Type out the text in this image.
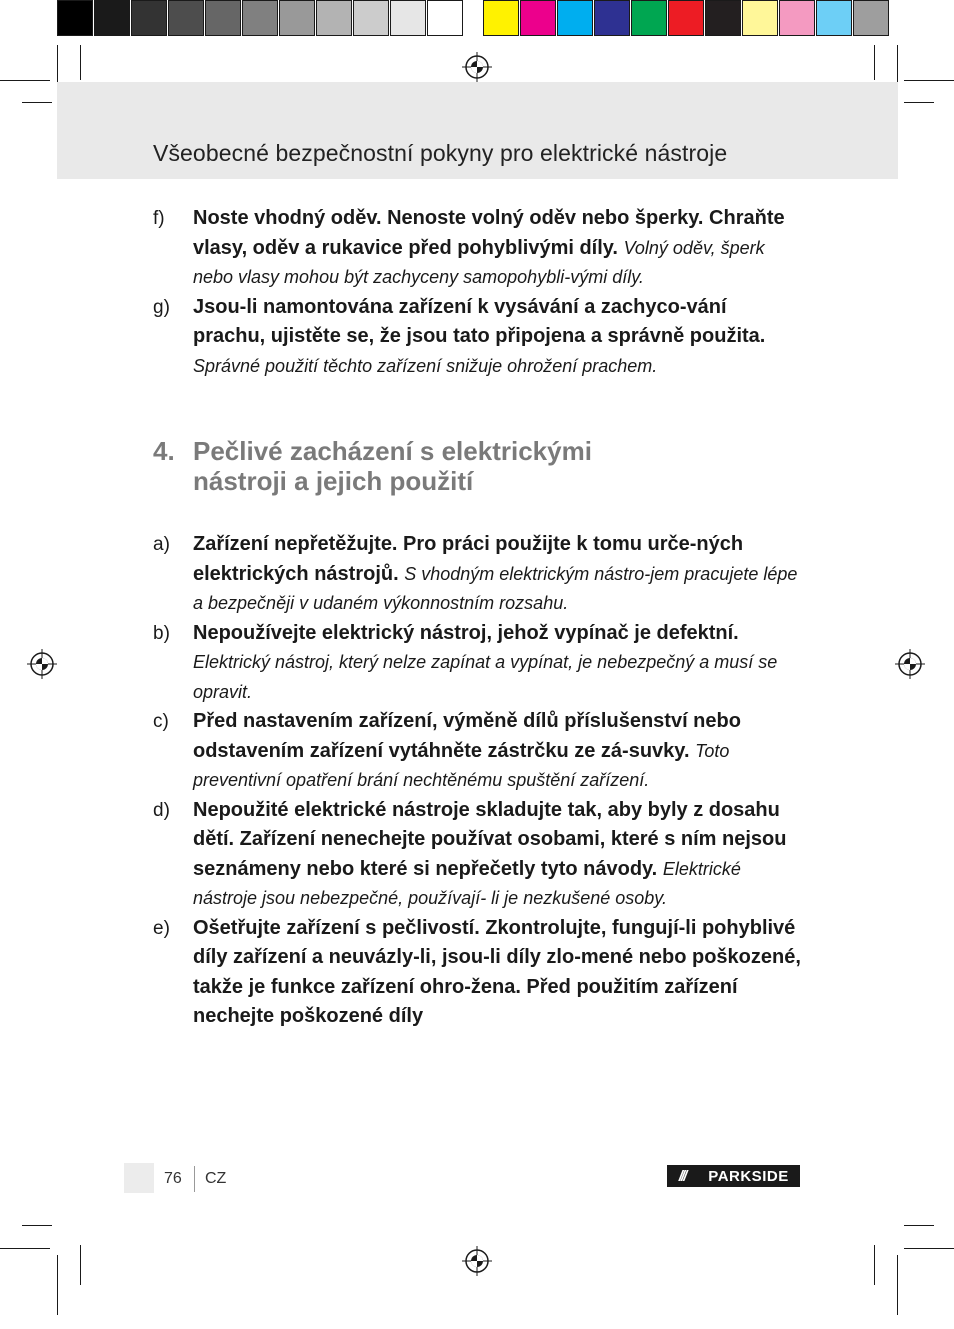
Všeobecné bezpečnostní pokyny pro elektrické nástroje
f)	Noste vhodný oděv. Nenoste volný oděv nebo šperky. Chraňte vlasy, oděv a rukavice před pohyblivými díly. Volný oděv, šperk nebo vlasy mohou být zachyceny samopohybli-vými díly.
g)	Jsou-li namontována zařízení k vysávání a zachyco-vání prachu, ujistěte se, že jsou tato připojena a správně použita. Správné použití těchto zařízení snižuje ohrožení prachem.
4. Pečlivé zacházení s elektrickými nástroji a jejich použití
a)	Zařízení nepřetěžujte. Pro práci použijte k tomu urče-ných elektrických nástrojů. S vhodným elektrickým nástro-jem pracujete lépe a bezpečněji v udaném výkonnostním rozsahu.
b)	Nepoužívejte elektrický nástroj, jehož vypínač je defektní. Elektrický nástroj, který nelze zapínat a vypínat, je nebezpečný a musí se opravit.
c)	Před nastavením zařízení, výměně dílů příslušenství nebo odstavením zařízení vytáhněte zástrčku ze zá-suvky. Toto preventivní opatření brání nechtěnému spuštění zařízení.
d)	Nepoužité elektrické nástroje skladujte tak, aby byly z dosahu dětí. Zařízení nenechejte používat osobami, které s ním nejsou seznámeny nebo které si nepřečetly tyto návody. Elektrické nástroje jsou nebezpečné, používají- li je nezkušené osoby.
e)	Ošetřujte zařízení s pečlivostí. Zkontrolujte, fungují-li pohyblivé díly zařízení a neuvázly-li, jsou-li díly zlo-mené nebo poškozené, takže je funkce zařízení ohro-žena. Před použitím zařízení nechejte poškozené díly
76 CZ	///	PARKSIDE
